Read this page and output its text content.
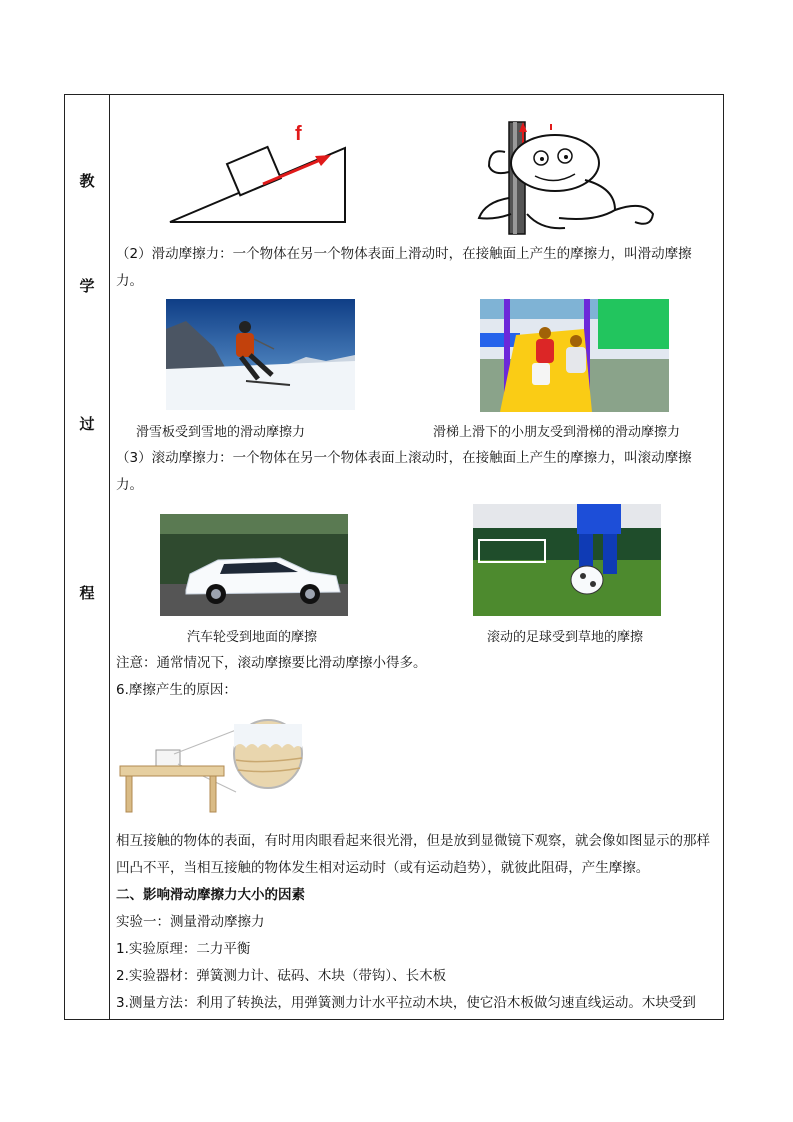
教
学
过
程
f
（2）滑动摩擦力：一个物体在另一个物体表面上滑动时，在接触面上产生的摩擦力，叫滑动摩擦力。
滑雪板受到雪地的滑动摩擦力	滑梯上滑下的小朋友受到滑梯的滑动摩擦力
（3）滚动摩擦力：一个物体在另一个物体表面上滚动时，在接触面上产生的摩擦力，叫滚动摩擦力。
汽车轮受到地面的摩擦	滚动的足球受到草地的摩擦
注意：通常情况下，滚动摩擦要比滑动摩擦小得多。
6.摩擦产生的原因：
相互接触的物体的表面，有时用肉眼看起来很光滑，但是放到显微镜下观察，就会像如图显示的那样凹凸不平，当相互接触的物体发生相对运动时（或有运动趋势），就彼此阻碍，产生摩擦。
二、影响滑动摩擦力大小的因素
实验一：测量滑动摩擦力
1.实验原理：二力平衡
2.实验器材：弹簧测力计、砝码、木块（带钩）、长木板
3.测量方法：利用了转换法，用弹簧测力计水平拉动木块，使它沿木板做匀速直线运动。木块受到
